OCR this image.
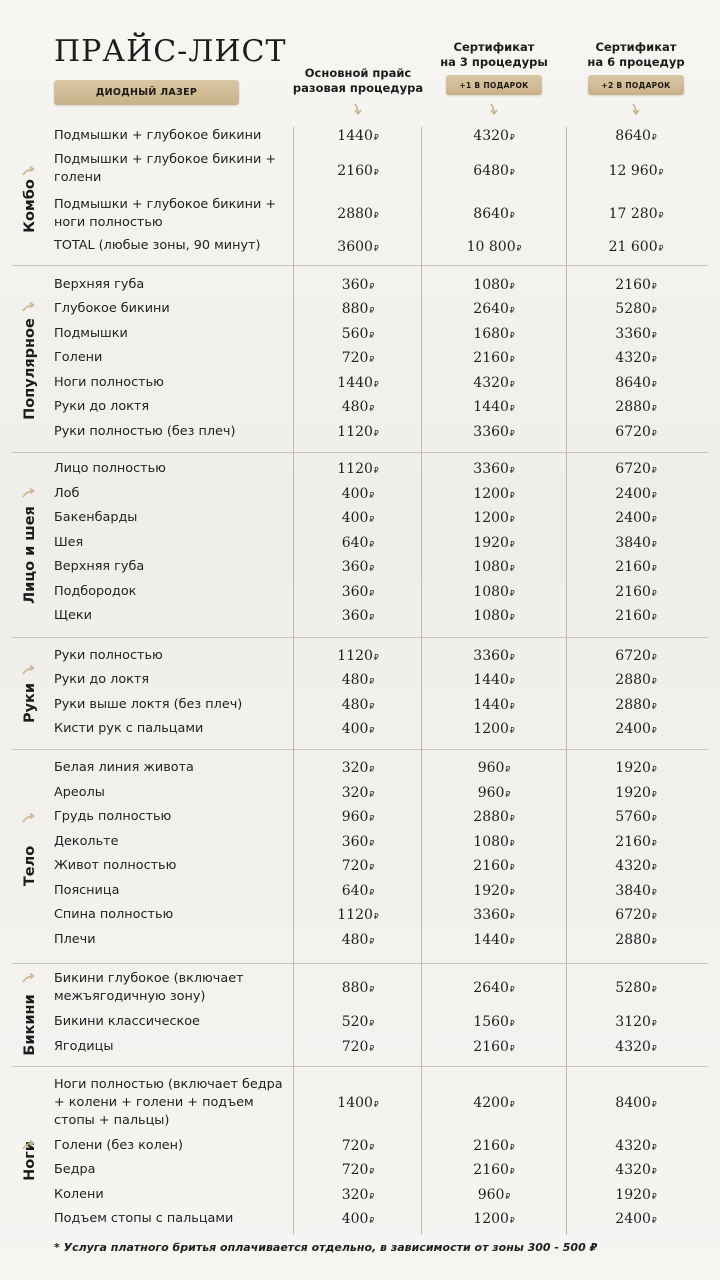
ПРАЙС-ЛИСТ
ДИОДНЫЙ ЛАЗЕР
Основной прайс
разовая процедура
Сертификат
на 3 процедуры
+1 В ПОДАРОК
Сертификат
на 6 процедур
+2 В ПОДАРОК
Комбо
Подмышки + глубокое бикини	1440₽	4320₽	8640₽
Подмышки + глубокое бикини + голени	2160₽	6480₽	12 960₽
Подмышки + глубокое бикини + ноги полностью
2880₽	8640₽	17 280₽
TOTAL (любые зоны, 90 минут)	3600₽	10 800₽	21 600₽
Популярное
Верхняя губа	360₽	1080₽	2160₽
Глубокое бикини	880₽	2640₽	5280₽
Подмышки	560₽	1680₽	3360₽
Голени	720₽	2160₽	4320₽
Ноги полностью	1440₽	4320₽	8640₽
Руки до локтя	480₽	1440₽	2880₽
Руки полностью (без плеч)	1120₽	3360₽	6720₽
Лицо и шея
Лицо полностью	1120₽	3360₽	6720₽
Лоб	400₽	1200₽	2400₽
Бакенбарды	400₽	1200₽	2400₽
Шея	640₽	1920₽	3840₽
Верхняя губа	360₽	1080₽	2160₽
Подбородок	360₽	1080₽	2160₽
Щеки	360₽	1080₽	2160₽
Руки
Руки полностью	1120₽	3360₽	6720₽
Руки до локтя	480₽	1440₽	2880₽
Руки выше локтя (без плеч)	480₽	1440₽	2880₽
Кисти рук с пальцами	400₽	1200₽	2400₽
Тело
Белая линия живота	320₽	960₽	1920₽
Ареолы	320₽	960₽	1920₽
Грудь полностью	960₽	2880₽	5760₽
Декольте	360₽	1080₽	2160₽
Живот полностью	720₽	2160₽	4320₽
Поясница	640₽	1920₽	3840₽
Спина полностью	1120₽	3360₽	6720₽
Плечи	480₽	1440₽	2880₽
Бикини
Бикини глубокое (включает межъягодичную зону)
880₽	2640₽	5280₽
Бикини классическое	520₽	1560₽	3120₽
Ягодицы	720₽	2160₽	4320₽
Ноги
Ноги полностью (включает бедра + колени + голени + подъем стопы + пальцы)
1400₽	4200₽	8400₽
Голени (без колен)	720₽	2160₽	4320₽
Бедра	720₽	2160₽	4320₽
Колени	320₽	960₽	1920₽
Подъем стопы с пальцами	400₽	1200₽	2400₽
* Услуга платного бритья оплачивается отдельно, в зависимости от зоны 300 - 500 ₽
